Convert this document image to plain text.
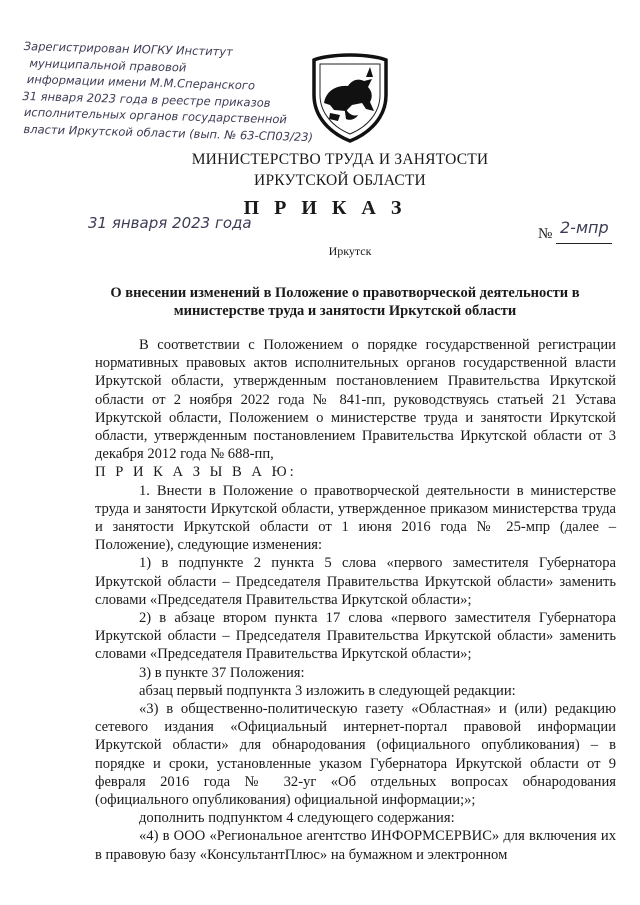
Зарегистрирован ИОГКУ Институт
муниципальной правовой
информации имени М.М.Сперанского
31 января 2023 года в реестре приказов
исполнительных органов государственной
власти Иркутской области (вып. № 63-СП03/23)
МИНИСТЕРСТВО ТРУДА И ЗАНЯТОСТИ
ИРКУТСКОЙ ОБЛАСТИ
П Р И К А З
31 января 2023 года
№ 2-мпр
Иркутск
О внесении изменений в Положение о правотворческой деятельности в министерстве труда и занятости Иркутской области

В соответствии с Положением о порядке государственной регистрации нормативных правовых актов исполнительных органов государственной власти Иркутской области, утвержденным постановлением Правительства Иркутской области от 2 ноября 2022 года № 841-пп, руководствуясь статьей 21 Устава Иркутской области, Положением о министерстве труда и занятости Иркутской области, утвержденным постановлением Правительства Иркутской области от 3 декабря 2012 года № 688-пп,

П Р И К А З Ы В А Ю:

1. Внести в Положение о правотворческой деятельности в министерстве труда и занятости Иркутской области, утвержденное приказом министерства труда и занятости Иркутской области от 1 июня 2016 года № 25-мпр (далее – Положение), следующие изменения:

1) в подпункте 2 пункта 5 слова «первого заместителя Губернатора Иркутской области – Председателя Правительства Иркутской области» заменить словами «Председателя Правительства Иркутской области»;

2) в абзаце втором пункта 17 слова «первого заместителя Губернатора Иркутской области – Председателя Правительства Иркутской области» заменить словами «Председателя Правительства Иркутской области»;

3) в пункте 37 Положения:

абзац первый подпункта 3 изложить в следующей редакции:

«3) в общественно-политическую газету «Областная» и (или) редакцию сетевого издания «Официальный интернет-портал правовой информации Иркутской области» для обнародования (официального опубликования) – в порядке и сроки, установленные указом Губернатора Иркутской области от 9 февраля 2016 года № 32-уг «Об отдельных вопросах обнародования (официального опубликования) официальной информации;»;

дополнить подпунктом 4 следующего содержания:

«4) в ООО «Региональное агентство ИНФОРМСЕРВИС» для включения их в правовую базу «КонсультантПлюс» на бумажном и электронном
